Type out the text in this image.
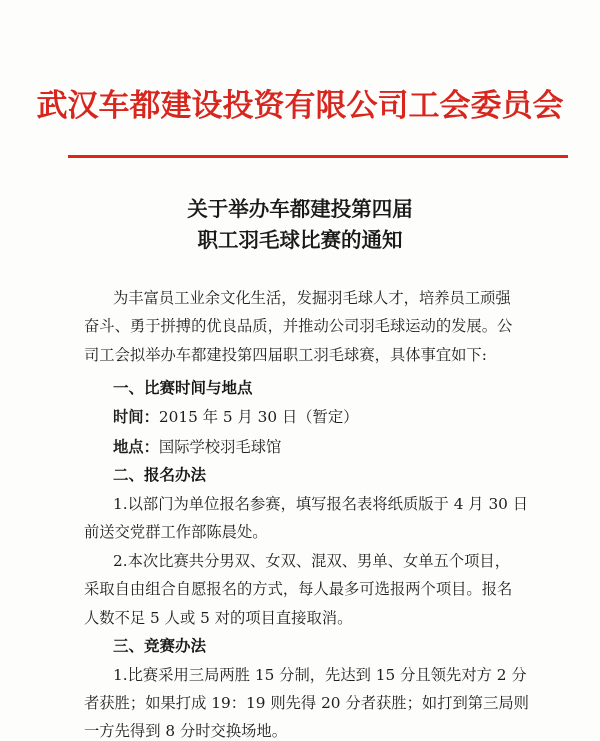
武汉车都建设投资有限公司工会委员会
关于举办车都建投第四届
职工羽毛球比赛的通知
为丰富员工业余文化生活，发掘羽毛球人才，培养员工顽强
奋斗、勇于拼搏的优良品质，并推动公司羽毛球运动的发展。公
司工会拟举办车都建投第四届职工羽毛球赛，具体事宜如下:
一、比赛时间与地点
时间：2015 年 5 月 30 日（暂定）
地点：国际学校羽毛球馆
二、报名办法
1.以部门为单位报名参赛，填写报名表将纸质版于 4 月 30 日
前送交党群工作部陈晨处。
2.本次比赛共分男双、女双、混双、男单、女单五个项目，
采取自由组合自愿报名的方式，每人最多可选报两个项目。报名
人数不足 5 人或 5 对的项目直接取消。
三、竞赛办法
1.比赛采用三局两胜 15 分制，先达到 15 分且领先对方 2 分
者获胜；如果打成 19：19 则先得 20 分者获胜；如打到第三局则
一方先得到 8 分时交换场地。
